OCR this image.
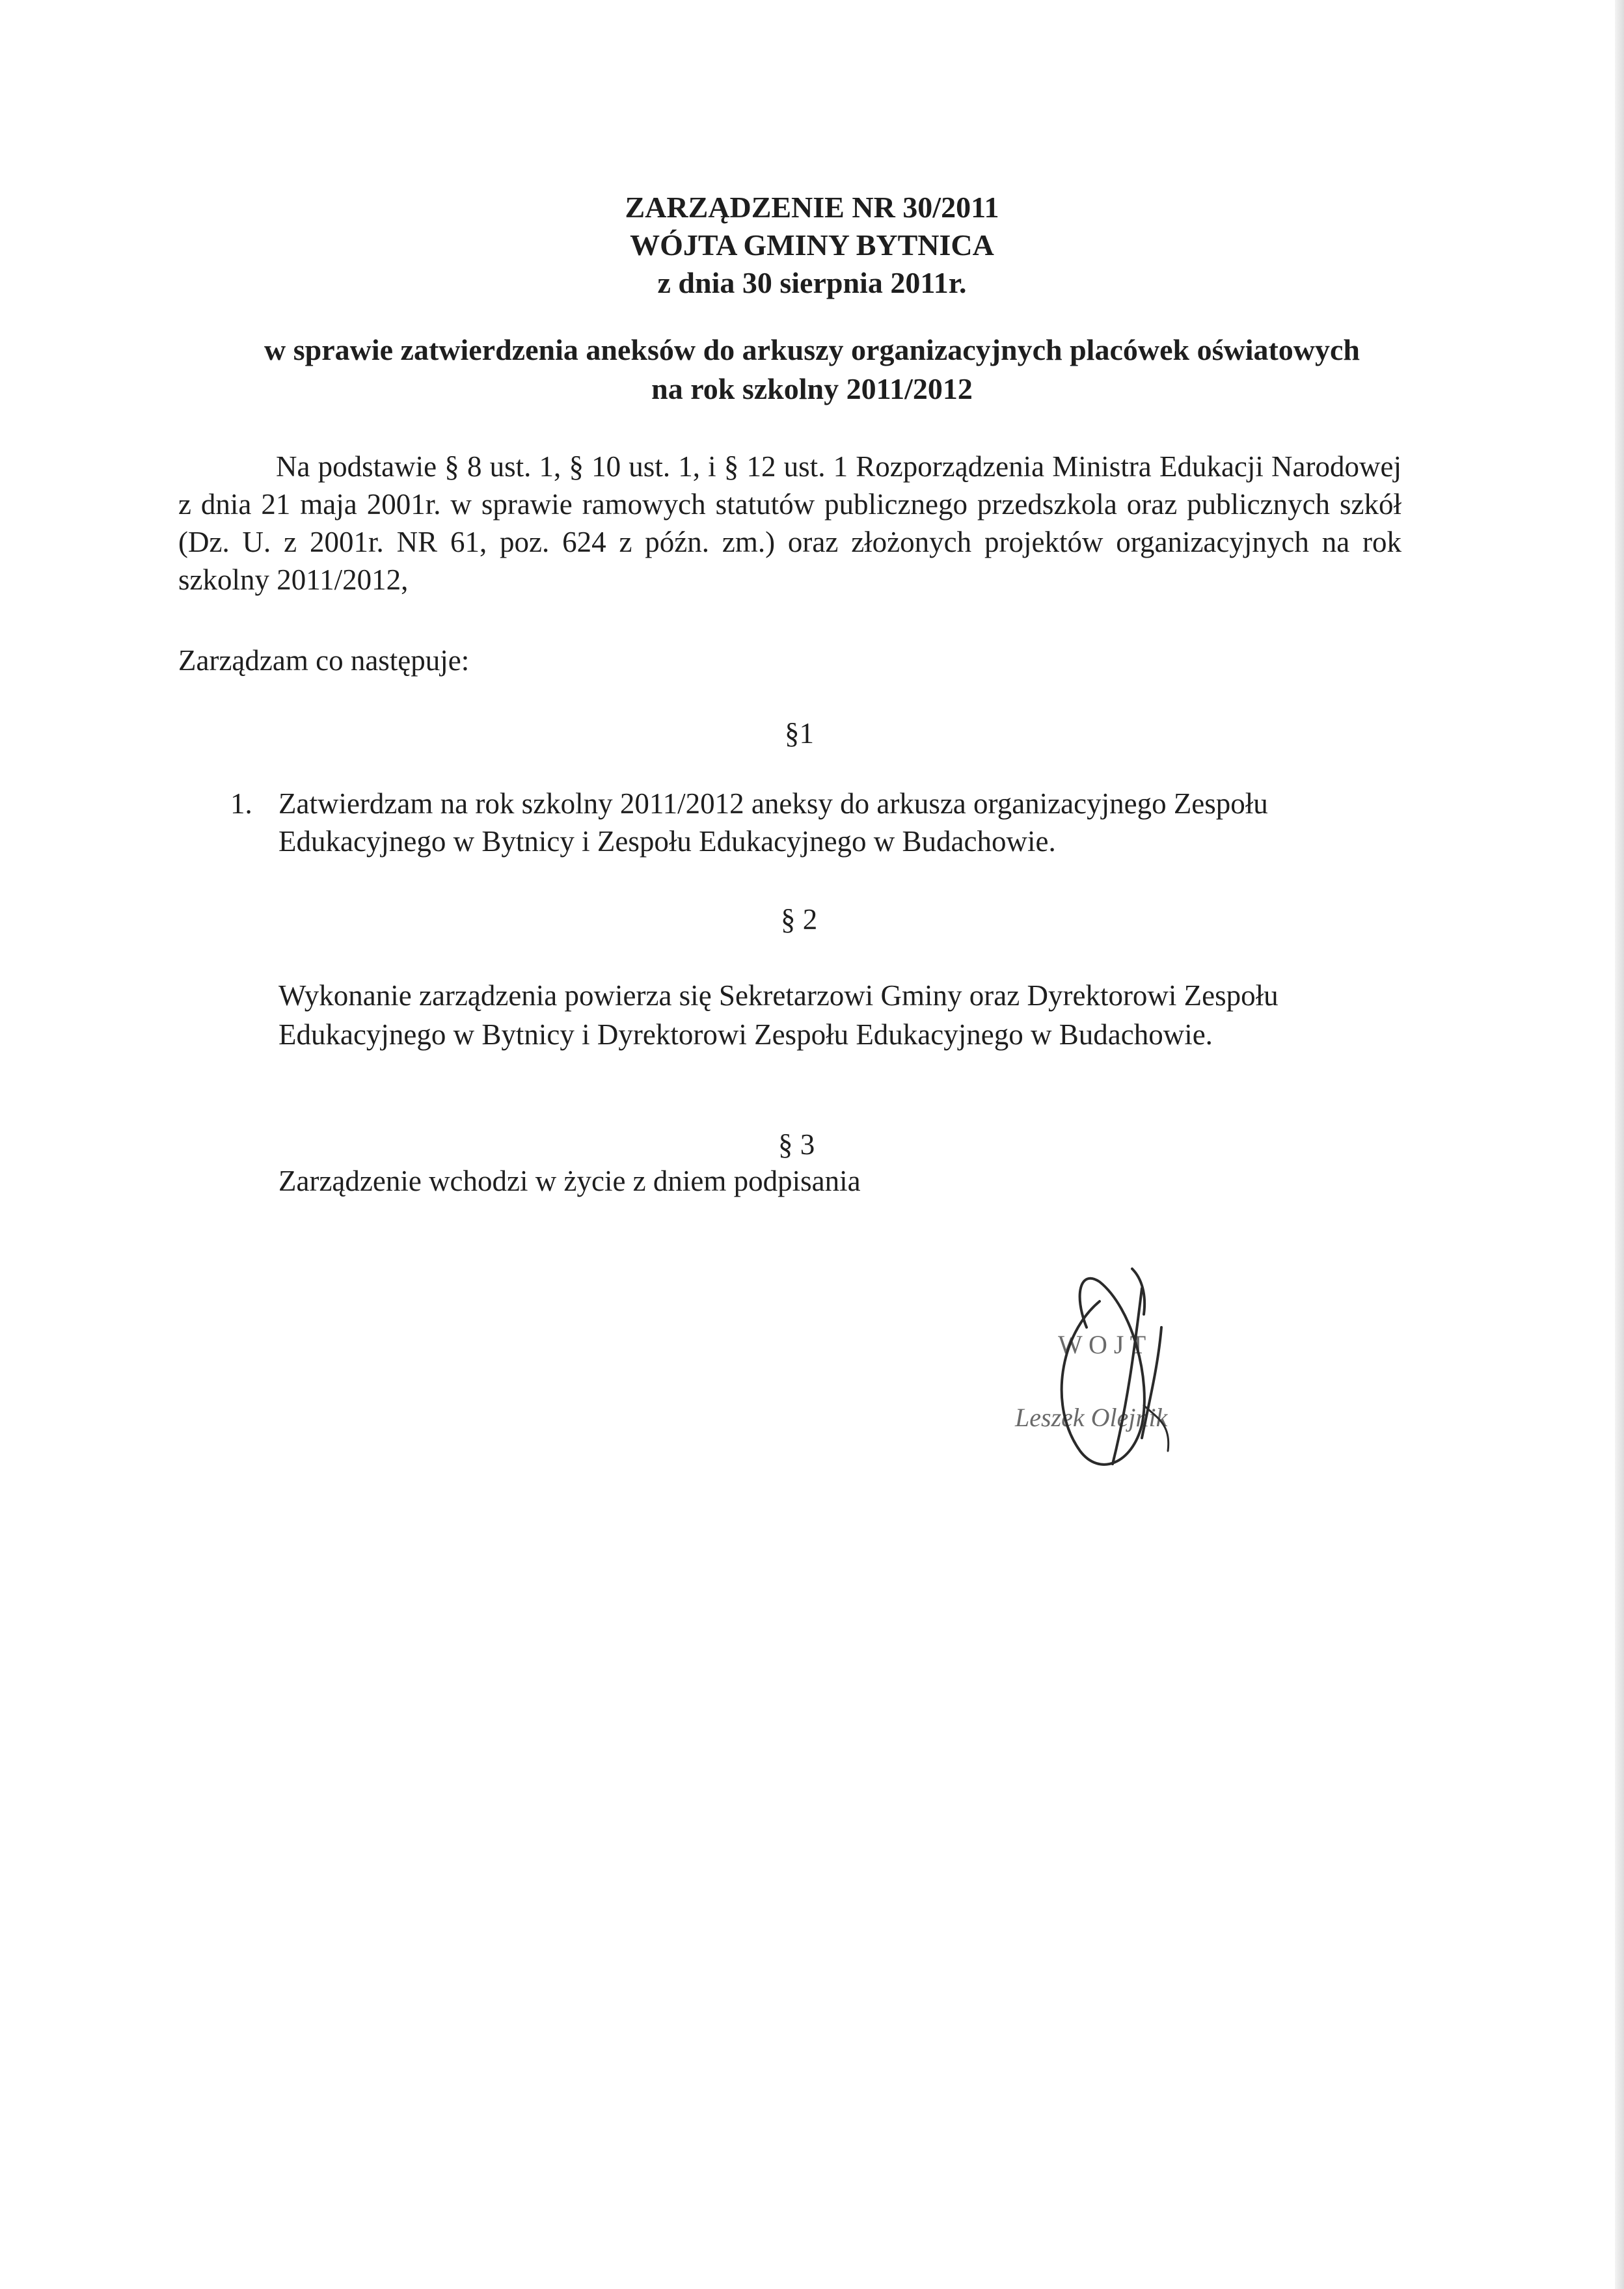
ZARZĄDZENIE NR 30/2011
WÓJTA GMINY BYTNICA
z dnia 30 sierpnia 2011r.
w sprawie zatwierdzenia aneksów do arkuszy organizacyjnych placówek oświatowych
na rok szkolny 2011/2012
Na podstawie § 8 ust. 1, § 10 ust. 1, i § 12 ust. 1 Rozporządzenia Ministra Edukacji Narodowej z dnia 21 maja 2001r. w sprawie ramowych statutów publicznego przedszkola oraz publicznych szkół (Dz. U. z 2001r. NR 61, poz. 624 z późn. zm.) oraz złożonych projektów organizacyjnych na rok szkolny 2011/2012,
Zarządzam co następuje:
§1
1. Zatwierdzam na rok szkolny 2011/2012 aneksy do arkusza organizacyjnego Zespołu
Edukacyjnego w Bytnicy i Zespołu Edukacyjnego w Budachowie.
§ 2
Wykonanie zarządzenia powierza się Sekretarzowi Gminy oraz Dyrektorowi Zespołu
Edukacyjnego w Bytnicy i Dyrektorowi Zespołu Edukacyjnego w Budachowie.
§ 3
Zarządzenie wchodzi w życie z dniem podpisania
W O J T
Leszek Olejnik
